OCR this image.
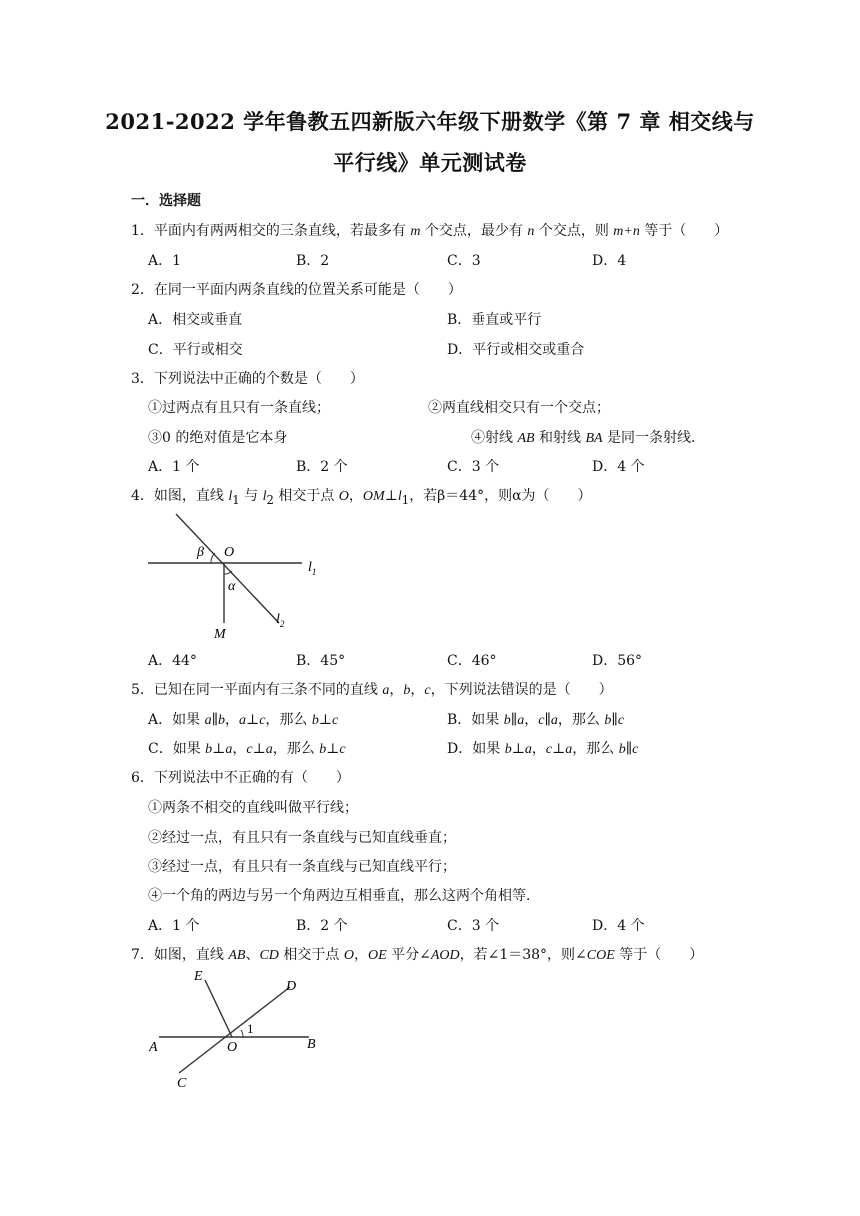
2021-2022 学年鲁教五四新版六年级下册数学《第 7 章 相交线与
平行线》单元测试卷
一．选择题
1．平面内有两两相交的三条直线，若最多有 m 个交点，最少有 n 个交点，则 m+n 等于（　　）
A．1	B．2	C．3	D．4
2．在同一平面内两条直线的位置关系可能是（　　）
A．相交或垂直	B．垂直或平行
C．平行或相交	D．平行或相交或重合
3．下列说法中正确的个数是（　　）
①过两点有且只有一条直线；	②两直线相交只有一个交点；
③0 的绝对值是它本身	④射线 AB 和射线 BA 是同一条射线．
A．1 个	B．2 个	C．3 个	D．4 个
4．如图，直线 $l_1$ 与 $l_2$ 相交于点 O，$OM\perp l_1$，若β＝44°，则α为（　　）
β O
$l_1$
α
M
$l_2$
A．44°	B．45°	C．46°	D．56°
5．已知在同一平面内有三条不同的直线 a，b，c，下列说法错误的是（　　）
A．如果 a∥b，a⊥c，那么 b⊥c	B．如果 b∥a，c∥a，那么 b∥c
C．如果 b⊥a，c⊥a，那么 b⊥c	D．如果 b⊥a，c⊥a，那么 b∥c
6．下列说法中不正确的有（　　）
①两条不相交的直线叫做平行线；
②经过一点，有且只有一条直线与已知直线垂直；
③经过一点，有且只有一条直线与已知直线平行；
④一个角的两边与另一个角两边互相垂直，那么这两个角相等．
A．1 个	B．2 个	C．3 个	D．4 个
7．如图，直线 AB、CD 相交于点 O，OE 平分∠AOD，若∠1＝38°，则∠COE 等于（　　）
E
D
1
A	O	B
C
